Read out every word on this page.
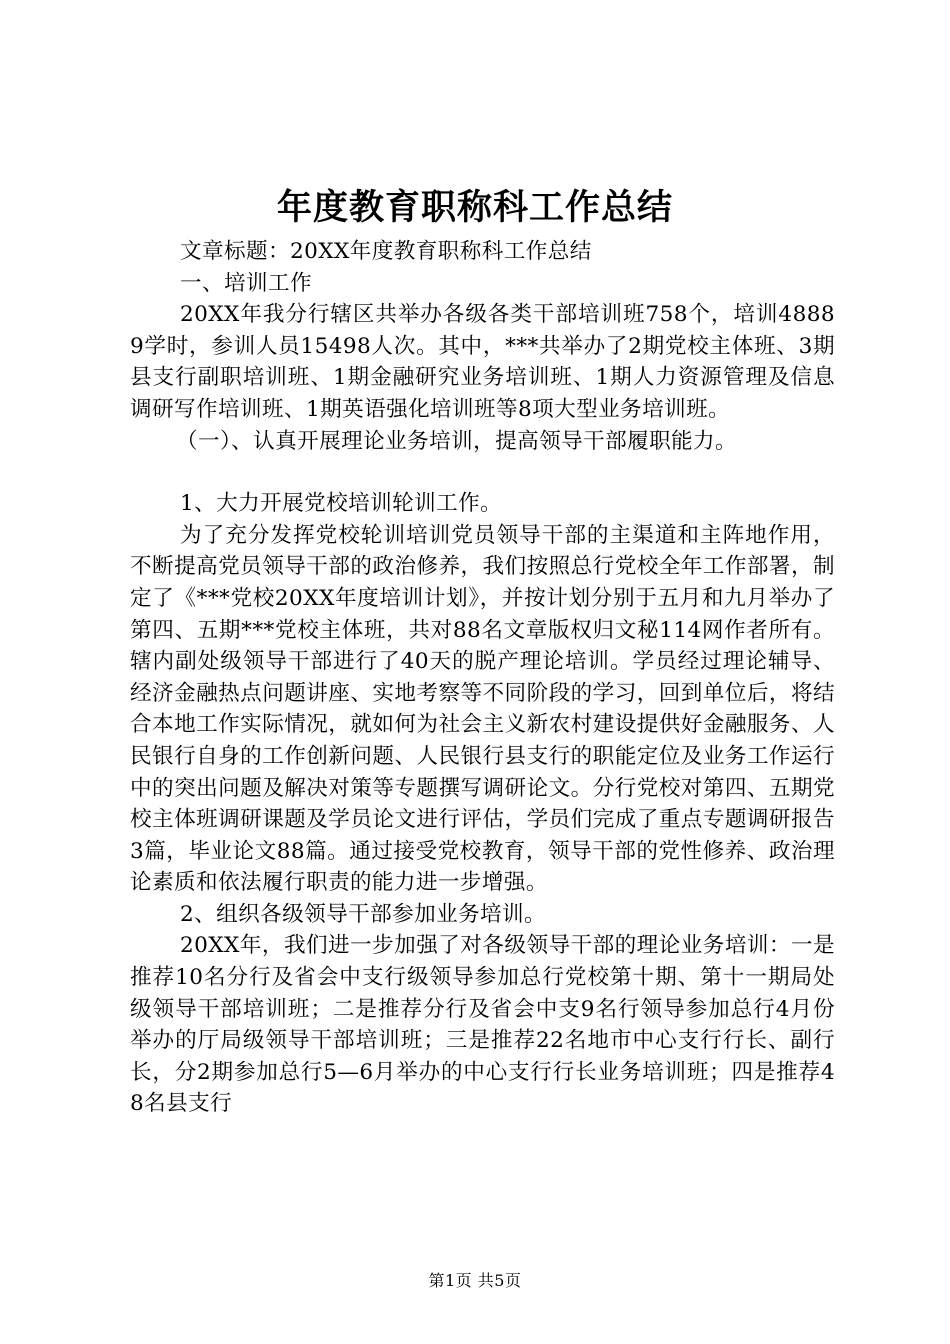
年度教育职称科工作总结

文章标题：20XX年度教育职称科工作总结

一、培训工作

20XX年我分行辖区共举办各级各类干部培训班758个，培训48889学时，参训人员15498人次。其中，***共举办了2期党校主体班、3期县支行副职培训班、1期金融研究业务培训班、1期人力资源管理及信息调研写作培训班、1期英语强化培训班等8项大型业务培训班。

（一）、认真开展理论业务培训，提高领导干部履职能力。

1、大力开展党校培训轮训工作。

为了充分发挥党校轮训培训党员领导干部的主渠道和主阵地作用，不断提高党员领导干部的政治修养，我们按照总行党校全年工作部署，制定了《***党校20XX年度培训计划》，并按计划分别于五月和九月举办了第四、五期***党校主体班，共对88名文章版权归文秘114网作者所有。辖内副处级领导干部进行了40天的脱产理论培训。学员经过理论辅导、经济金融热点问题讲座、实地考察等不同阶段的学习，回到单位后，将结合本地工作实际情况，就如何为社会主义新农村建设提供好金融服务、人民银行自身的工作创新问题、人民银行县支行的职能定位及业务工作运行中的突出问题及解决对策等专题撰写调研论文。分行党校对第四、五期党校主体班调研课题及学员论文进行评估，学员们完成了重点专题调研报告3篇，毕业论文88篇。通过接受党校教育，领导干部的党性修养、政治理论素质和依法履行职责的能力进一步增强。

2、组织各级领导干部参加业务培训。

20XX年，我们进一步加强了对各级领导干部的理论业务培训：一是推荐10名分行及省会中支行级领导参加总行党校第十期、第十一期局处级领导干部培训班；二是推荐分行及省会中支9名行领导参加总行4月份举办的厅局级领导干部培训班；三是推荐22名地市中心支行行长、副行长，分2期参加总行5—6月举办的中心支行行长业务培训班；四是推荐48名县支行

第1页 共5页
